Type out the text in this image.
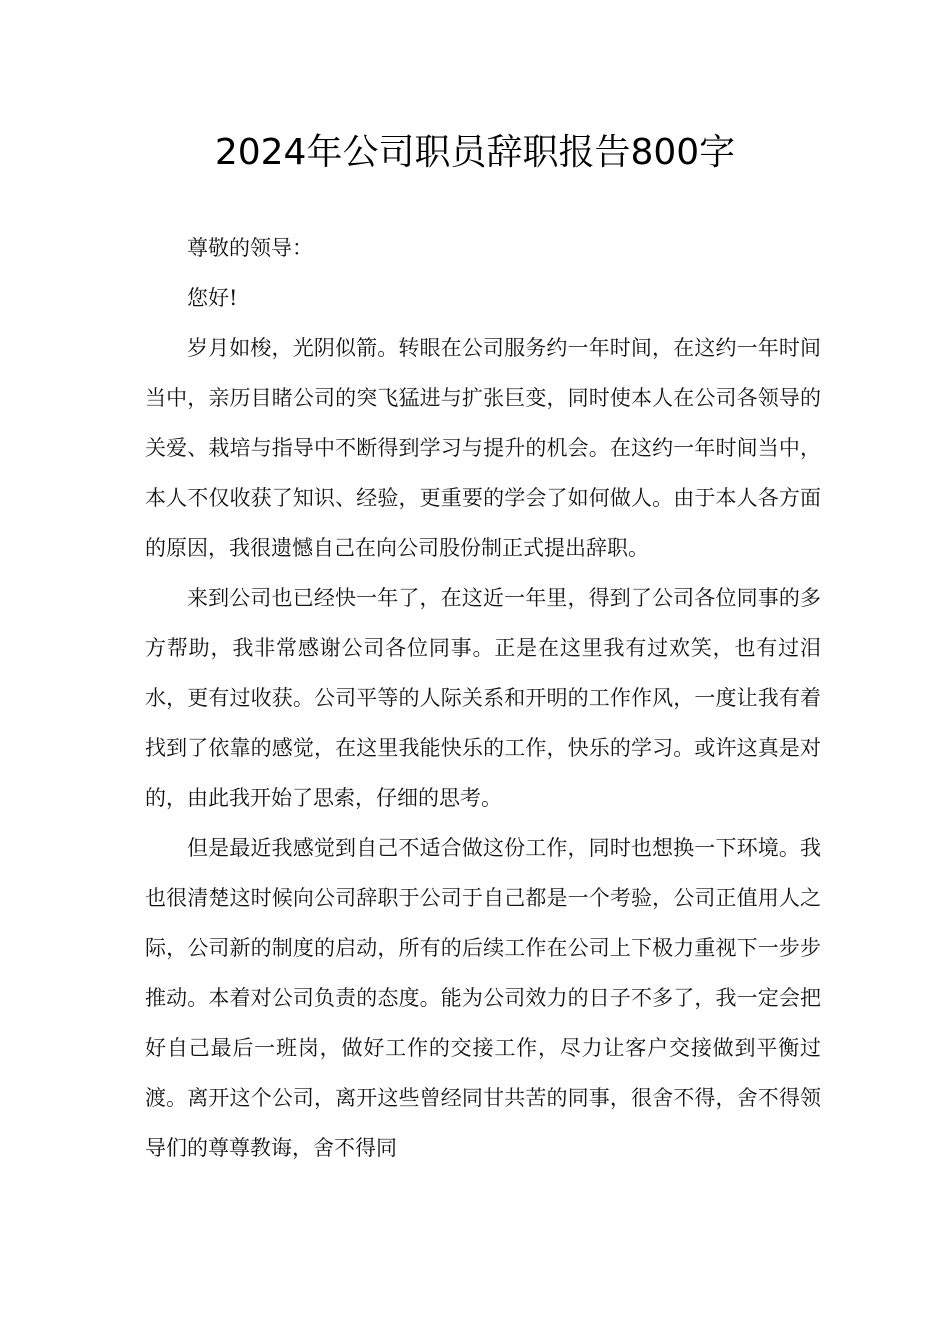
2024年公司职员辞职报告800字

尊敬的领导：

您好!

岁月如梭，光阴似箭。转眼在公司服务约一年时间，在这约一年时间当中，亲历目睹公司的突飞猛进与扩张巨变，同时使本人在公司各领导的关爱、栽培与指导中不断得到学习与提升的机会。在这约一年时间当中，本人不仅收获了知识、经验，更重要的学会了如何做人。由于本人各方面的原因，我很遗憾自己在向公司股份制正式提出辞职。

来到公司也已经快一年了，在这近一年里，得到了公司各位同事的多方帮助，我非常感谢公司各位同事。正是在这里我有过欢笑，也有过泪水，更有过收获。公司平等的人际关系和开明的工作作风，一度让我有着找到了依靠的感觉，在这里我能快乐的工作，快乐的学习。或许这真是对的，由此我开始了思索，仔细的思考。

但是最近我感觉到自己不适合做这份工作，同时也想换一下环境。我也很清楚这时候向公司辞职于公司于自己都是一个考验，公司正值用人之际，公司新的制度的启动，所有的后续工作在公司上下极力重视下一步步推动。本着对公司负责的态度。能为公司效力的日子不多了，我一定会把好自己最后一班岗，做好工作的交接工作，尽力让客户交接做到平衡过渡。离开这个公司，离开这些曾经同甘共苦的同事，很舍不得，舍不得领导们的尊尊教诲，舍不得同
